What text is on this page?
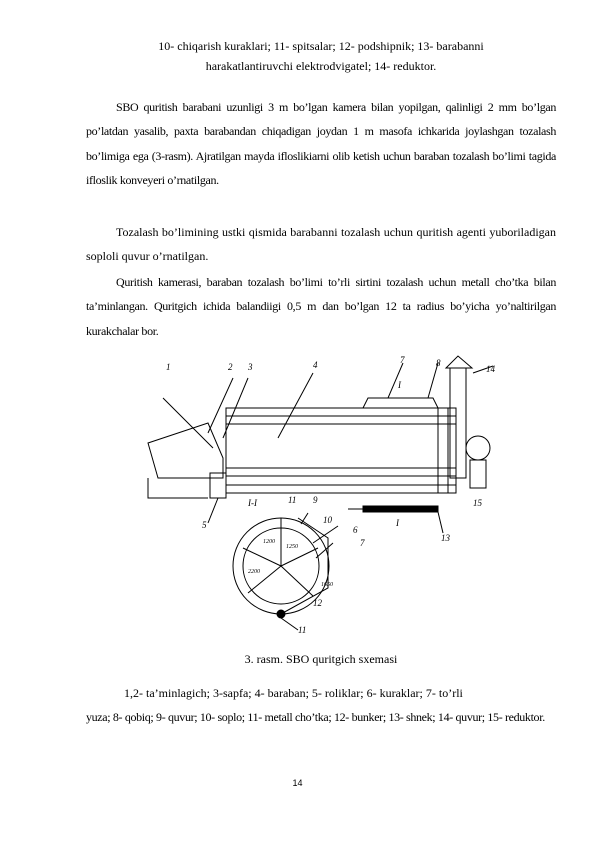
10- chiqarish kuraklari; 11- spitsalar; 12- podshipnik; 13- barabanni
harakatlantiruvchi elektrodvigatel; 14- reduktor.
SBO quritish barabani uzunligi 3 m bo’lgan kamera bilan yopilgan, qalinligi 2 mm bo’lgan po’latdan yasalib, paxta barabandan chiqadigan joydan 1 m masofa ichkarida joylashgan tozalash bo’limiga ega (3-rasm). Ajratilgan mayda ifloslikiarni olib ketish uchun baraban tozalash bo’limi tagida ifloslik konveyeri o’rnatilgan.
Tozalash bo’limining ustki qismida barabanni tozalash uchun quritish agenti yuboriladigan soploli quvur o’rnatilgan.
Quritish kamerasi, baraban tozalash bo’limi to’rli sirtini tozalash uchun metall cho’tka bilan ta’minlangan. Quritgich ichida balandiigi 0,5 m dan bo’lgan 12 ta radius bo’yicha yo’naltirilgan kurakchalar bor.
1	2 3	4	7	8
14
I
5
I-I	11 9
10
6
7	13
15
12
11
I
1200
1250
2200
1650
3. rasm. SBO quritgich sxemasi
1,2- ta’minlagich; 3-sapfa; 4- baraban; 5- roliklar; 6- kuraklar; 7- to’rli
yuza; 8- qobiq; 9- quvur; 10- soplo; 11- metall cho’tka; 12- bunker; 13- shnek; 14- quvur; 15- reduktor.
14
